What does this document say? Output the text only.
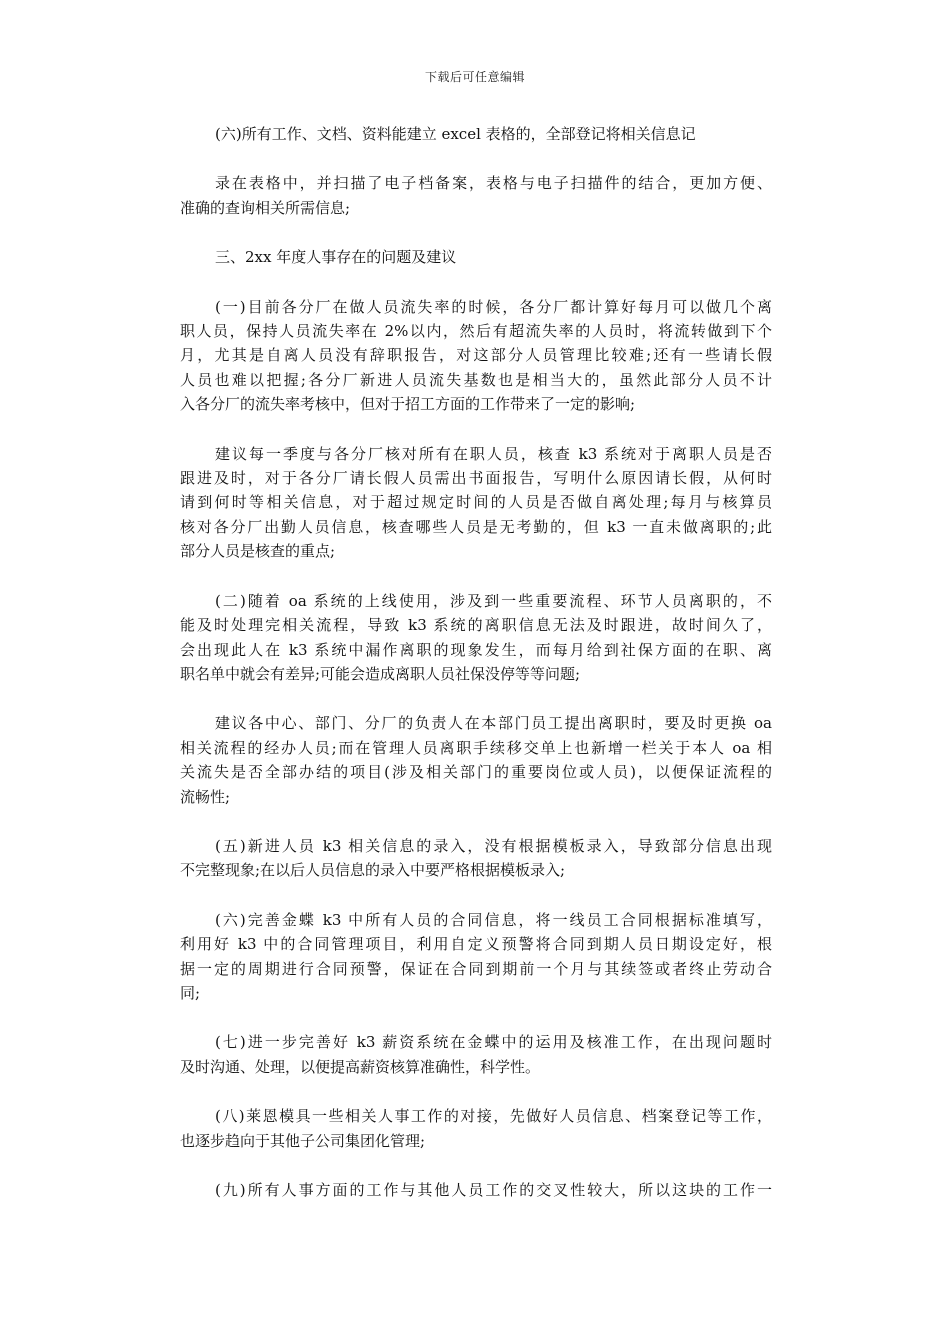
下载后可任意编辑
(六)所有工作、文档、资料能建立 excel 表格的，全部登记将相关信息记
录在表格中，并扫描了电子档备案，表格与电子扫描件的结合，更加方便、
准确的查询相关所需信息;
三、2xx 年度人事存在的问题及建议
(一)目前各分厂在做人员流失率的时候，各分厂都计算好每月可以做几个离
职人员，保持人员流失率在 2%以内，然后有超流失率的人员时，将流转做到下个
月，尤其是自离人员没有辞职报告，对这部分人员管理比较难;还有一些请长假
人员也难以把握;各分厂新进人员流失基数也是相当大的，虽然此部分人员不计
入各分厂的流失率考核中，但对于招工方面的工作带来了一定的影响;
建议每一季度与各分厂核对所有在职人员，核查 k3 系统对于离职人员是否
跟进及时，对于各分厂请长假人员需出书面报告，写明什么原因请长假，从何时
请到何时等相关信息，对于超过规定时间的人员是否做自离处理;每月与核算员
核对各分厂出勤人员信息，核查哪些人员是无考勤的，但 k3 一直未做离职的;此
部分人员是核查的重点;
(二)随着 oa 系统的上线使用，涉及到一些重要流程、环节人员离职的，不
能及时处理完相关流程，导致 k3 系统的离职信息无法及时跟进，故时间久了，
会出现此人在 k3 系统中漏作离职的现象发生，而每月给到社保方面的在职、离
职名单中就会有差异;可能会造成离职人员社保没停等等问题;
建议各中心、部门、分厂的负责人在本部门员工提出离职时，要及时更换 oa
相关流程的经办人员;而在管理人员离职手续移交单上也新增一栏关于本人 oa 相
关流失是否全部办结的项目(涉及相关部门的重要岗位或人员)，以便保证流程的
流畅性;
(五)新进人员 k3 相关信息的录入，没有根据模板录入，导致部分信息出现
不完整现象;在以后人员信息的录入中要严格根据模板录入;
(六)完善金蝶 k3 中所有人员的合同信息，将一线员工合同根据标准填写，
利用好 k3 中的合同管理项目，利用自定义预警将合同到期人员日期设定好，根
据一定的周期进行合同预警，保证在合同到期前一个月与其续签或者终止劳动合
同;
(七)进一步完善好 k3 薪资系统在金蝶中的运用及核准工作，在出现问题时
及时沟通、处理，以便提高薪资核算准确性，科学性。
(八)莱恩模具一些相关人事工作的对接，先做好人员信息、档案登记等工作，
也逐步趋向于其他子公司集团化管理;
(九)所有人事方面的工作与其他人员工作的交叉性较大，所以这块的工作一
